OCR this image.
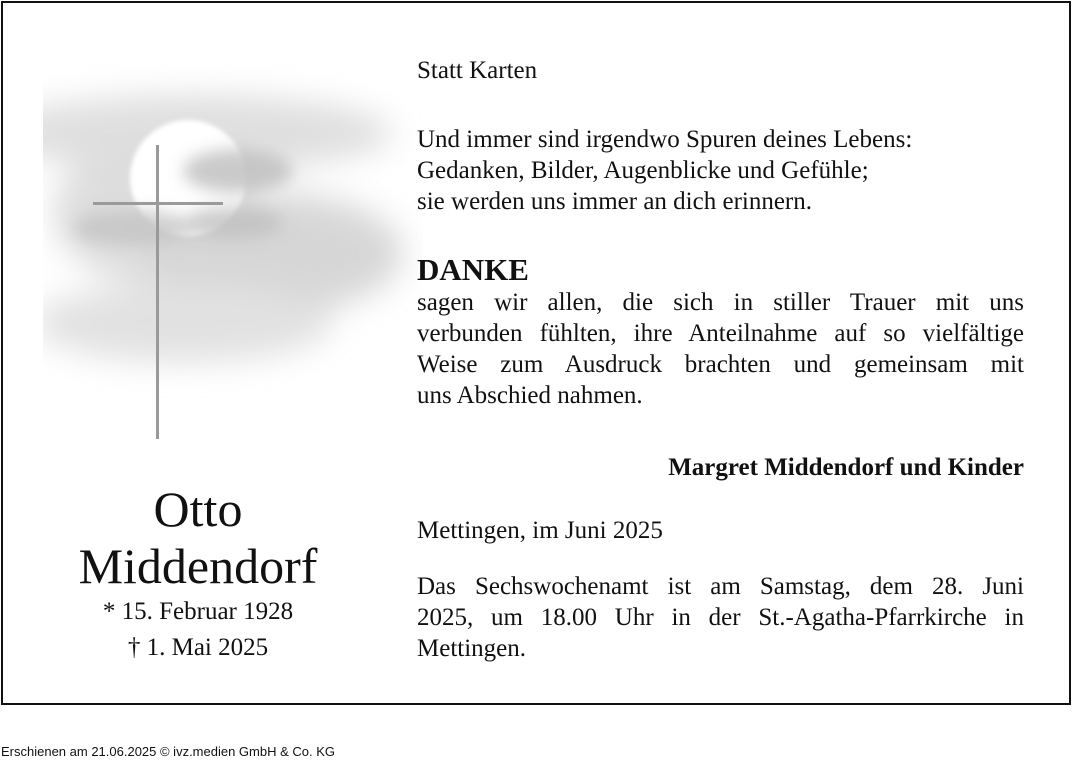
Otto
Middendorf
* 15. Februar 1928
† 1. Mai 2025
Statt Karten
Und immer sind irgendwo Spuren deines Lebens:
Gedanken, Bilder, Augenblicke und Gefühle;
sie werden uns immer an dich erinnern.
DANKE
sagen wir allen, die sich in stiller Trauer mit uns
verbunden fühlten, ihre Anteilnahme auf so vielfältige
Weise zum Ausdruck brachten und gemeinsam mit
uns Abschied nahmen.
Margret Middendorf und Kinder
Mettingen, im Juni 2025
Das Sechswochenamt ist am Samstag, dem 28. Juni
2025, um 18.00 Uhr in der St.-Agatha-Pfarrkirche in
Mettingen.
Erschienen am 21.06.2025 © ivz.medien GmbH & Co. KG
